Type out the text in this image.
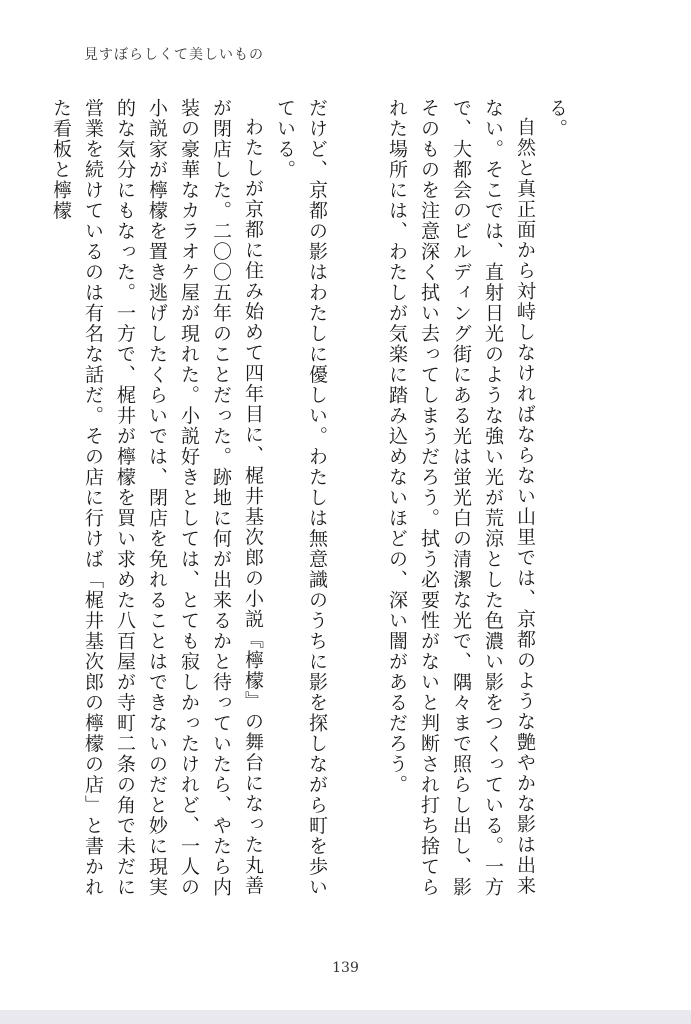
見すぼらしくて美しいもの

る。

自然と真正面から対峙しなければならない山里では、京都のような艶やかな影は出来ない。そこでは、直射日光のような強い光が荒涼とした色濃い影をつくっている。一方で、大都会のビルディング街にある光は蛍光白の清潔な光で、隅々まで照らし出し、影そのものを注意深く拭い去ってしまうだろう。拭う必要性がないと判断され打ち捨てられた場所には、わたしが気楽に踏み込めないほどの、深い闇があるだろう。

だけど、京都の影はわたしに優しい。わたしは無意識のうちに影を探しながら町を歩いている。

わたしが京都に住み始めて四年目に、梶井基次郎の小説『檸檬』の舞台になった丸善が閉店した。二〇〇五年のことだった。跡地に何が出来るかと待っていたら、やたら内装の豪華なカラオケ屋が現れた。小説好きとしては、とても寂しかったけれど、一人の小説家が檸檬を置き逃げしたくらいでは、閉店を免れることはできないのだと妙に現実的な気分にもなった。一方で、梶井が檸檬を買い求めた八百屋が寺町二条の角で未だに営業を続けているのは有名な話だ。その店に行けば「梶井基次郎の檸檬の店」と書かれた看板と檸檬

139
